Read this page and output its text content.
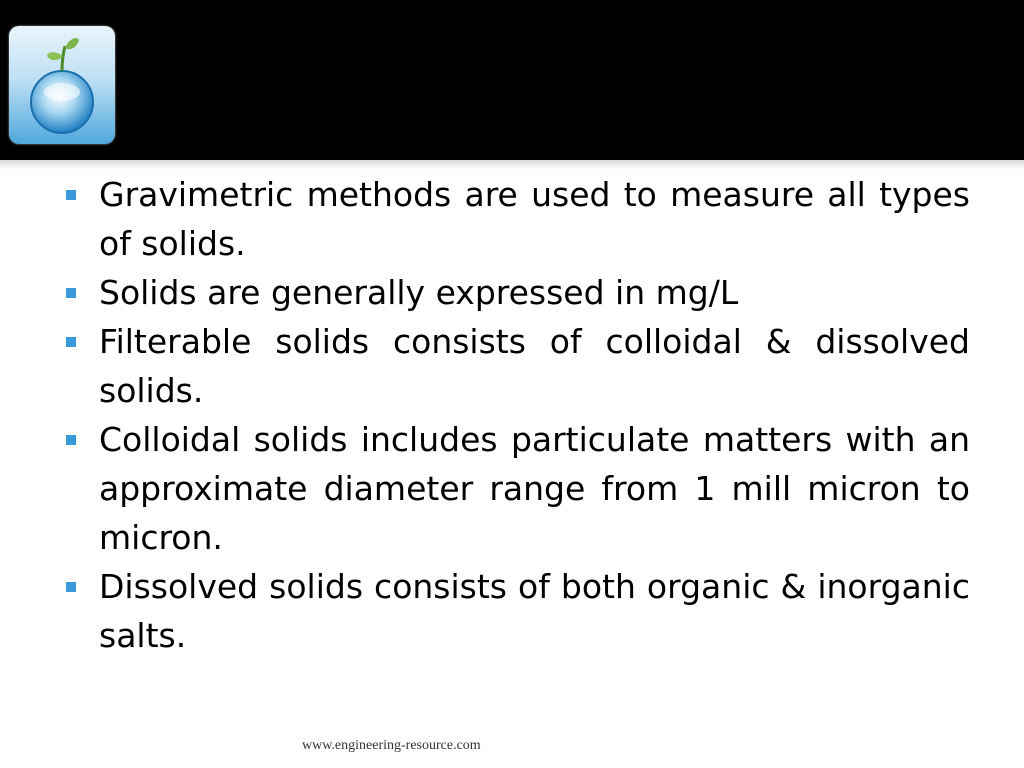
Gravimetric methods are used to measure all types of solids.
Solids are generally expressed in mg/L
Filterable solids consists of colloidal & dissolved solids.
Colloidal solids includes particulate matters with an approximate diameter range from 1 mill micron to micron.
Dissolved solids consists of both organic & inorganic salts.
www.engineering-resource.com
